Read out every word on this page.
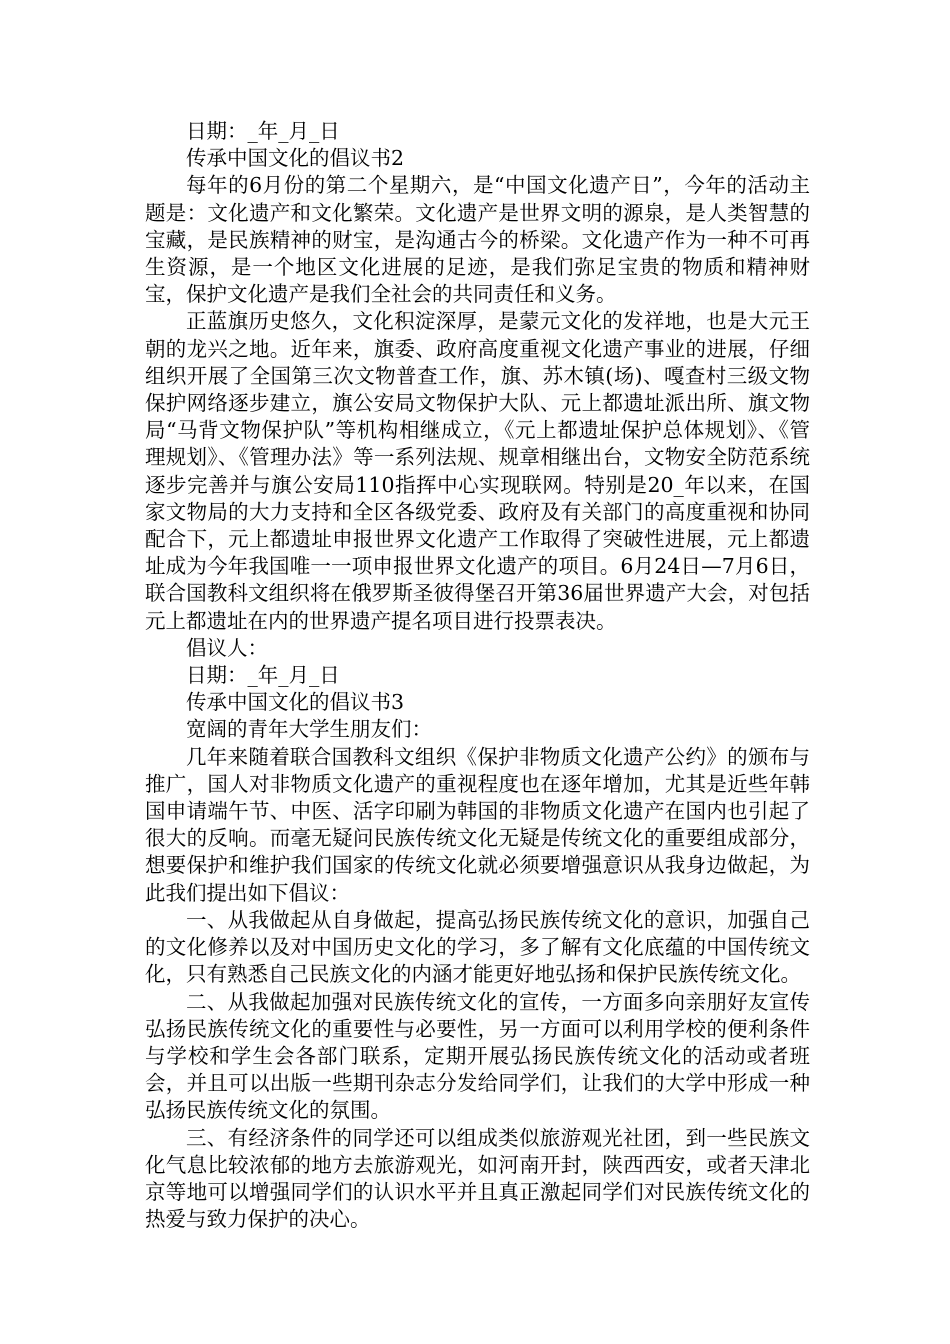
日期：_年_月_日

传承中国文化的倡议书2

每年的6月份的第二个星期六，是“中国文化遗产日”，今年的活动主题是：文化遗产和文化繁荣。文化遗产是世界文明的源泉，是人类智慧的宝藏，是民族精神的财宝，是沟通古今的桥梁。文化遗产作为一种不可再生资源，是一个地区文化进展的足迹，是我们弥足宝贵的物质和精神财宝，保护文化遗产是我们全社会的共同责任和义务。

正蓝旗历史悠久，文化积淀深厚，是蒙元文化的发祥地，也是大元王朝的龙兴之地。近年来，旗委、政府高度重视文化遗产事业的进展，仔细组织开展了全国第三次文物普查工作，旗、苏木镇(场)、嘎查村三级文物保护网络逐步建立，旗公安局文物保护大队、元上都遗址派出所、旗文物局“马背文物保护队”等机构相继成立，《元上都遗址保护总体规划》、《管理规划》、《管理办法》等一系列法规、规章相继出台，文物安全防范系统逐步完善并与旗公安局110指挥中心实现联网。特别是20_年以来，在国家文物局的大力支持和全区各级党委、政府及有关部门的高度重视和协同配合下，元上都遗址申报世界文化遗产工作取得了突破性进展，元上都遗址成为今年我国唯一一项申报世界文化遗产的项目。6月24日—7月6日，联合国教科文组织将在俄罗斯圣彼得堡召开第36届世界遗产大会，对包括元上都遗址在内的世界遗产提名项目进行投票表决。

倡议人：

日期：_年_月_日

传承中国文化的倡议书3

宽阔的青年大学生朋友们：

几年来随着联合国教科文组织《保护非物质文化遗产公约》的颁布与推广，国人对非物质文化遗产的重视程度也在逐年增加，尤其是近些年韩国申请端午节、中医、活字印刷为韩国的非物质文化遗产在国内也引起了很大的反响。而毫无疑问民族传统文化无疑是传统文化的重要组成部分，想要保护和维护我们国家的传统文化就必须要增强意识从我身边做起，为此我们提出如下倡议：

一、从我做起从自身做起，提高弘扬民族传统文化的意识，加强自己的文化修养以及对中国历史文化的学习，多了解有文化底蕴的中国传统文化，只有熟悉自己民族文化的内涵才能更好地弘扬和保护民族传统文化。

二、从我做起加强对民族传统文化的宣传，一方面多向亲朋好友宣传弘扬民族传统文化的重要性与必要性，另一方面可以利用学校的便利条件与学校和学生会各部门联系，定期开展弘扬民族传统文化的活动或者班会，并且可以出版一些期刊杂志分发给同学们，让我们的大学中形成一种弘扬民族传统文化的氛围。

三、有经济条件的同学还可以组成类似旅游观光社团，到一些民族文化气息比较浓郁的地方去旅游观光，如河南开封，陕西西安，或者天津北京等地可以增强同学们的认识水平并且真正激起同学们对民族传统文化的热爱与致力保护的决心。
